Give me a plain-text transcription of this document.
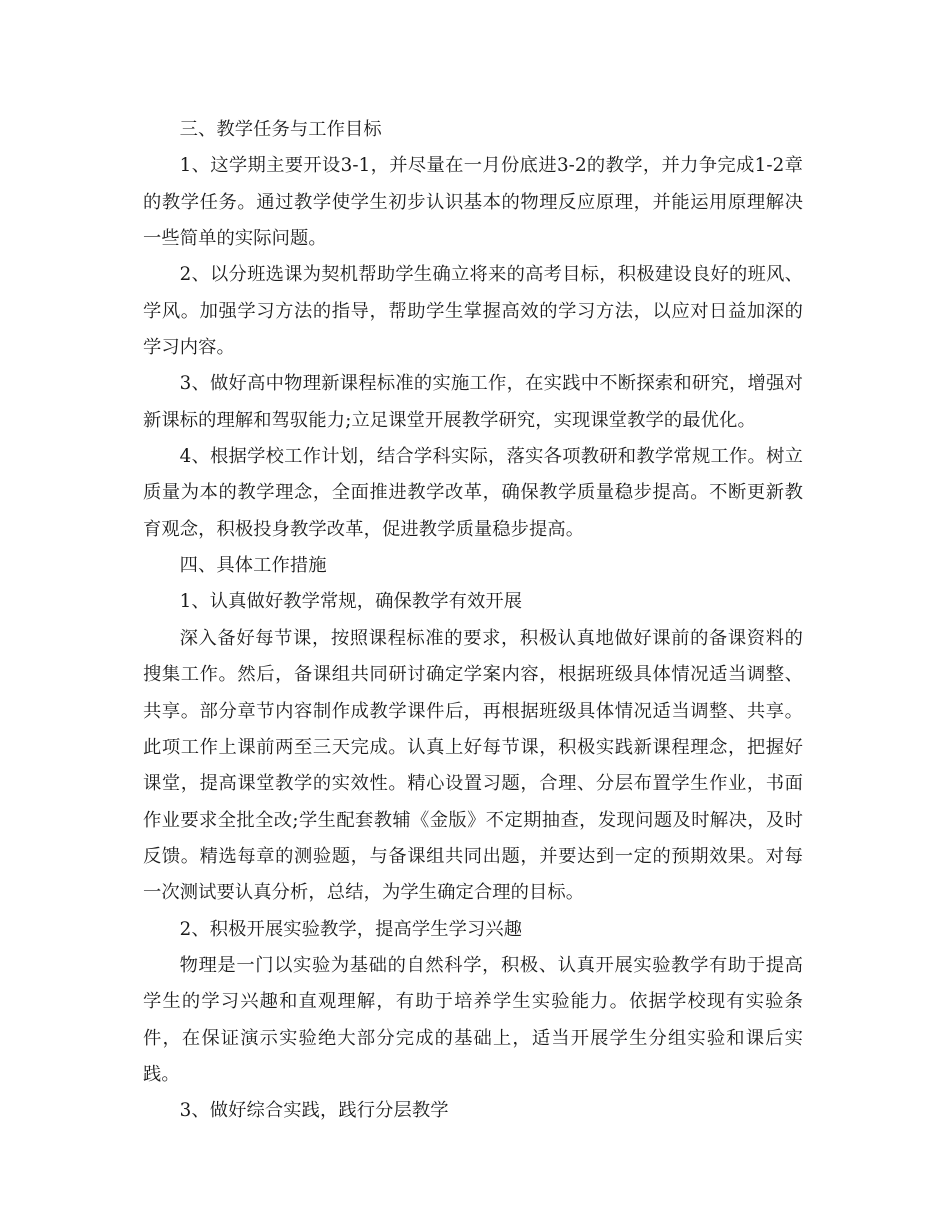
三、教学任务与工作目标

1、这学期主要开设3-1，并尽量在一月份底进3-2的教学，并力争完成1-2章的教学任务。通过教学使学生初步认识基本的物理反应原理，并能运用原理解决一些简单的实际问题。

2、以分班选课为契机帮助学生确立将来的高考目标，积极建设良好的班风、学风。加强学习方法的指导，帮助学生掌握高效的学习方法，以应对日益加深的学习内容。

3、做好高中物理新课程标准的实施工作，在实践中不断探索和研究，增强对新课标的理解和驾驭能力;立足课堂开展教学研究，实现课堂教学的最优化。

4、根据学校工作计划，结合学科实际，落实各项教研和教学常规工作。树立质量为本的教学理念，全面推进教学改革，确保教学质量稳步提高。不断更新教育观念，积极投身教学改革，促进教学质量稳步提高。

四、具体工作措施

1、认真做好教学常规，确保教学有效开展

深入备好每节课，按照课程标准的要求，积极认真地做好课前的备课资料的搜集工作。然后，备课组共同研讨确定学案内容，根据班级具体情况适当调整、共享。部分章节内容制作成教学课件后，再根据班级具体情况适当调整、共享。此项工作上课前两至三天完成。认真上好每节课，积极实践新课程理念，把握好课堂，提高课堂教学的实效性。精心设置习题，合理、分层布置学生作业，书面作业要求全批全改;学生配套教辅《金版》不定期抽查，发现问题及时解决，及时反馈。精选每章的测验题，与备课组共同出题，并要达到一定的预期效果。对每一次测试要认真分析，总结，为学生确定合理的目标。

2、积极开展实验教学，提高学生学习兴趣

物理是一门以实验为基础的自然科学，积极、认真开展实验教学有助于提高学生的学习兴趣和直观理解，有助于培养学生实验能力。依据学校现有实验条件，在保证演示实验绝大部分完成的基础上，适当开展学生分组实验和课后实践。

3、做好综合实践，践行分层教学
